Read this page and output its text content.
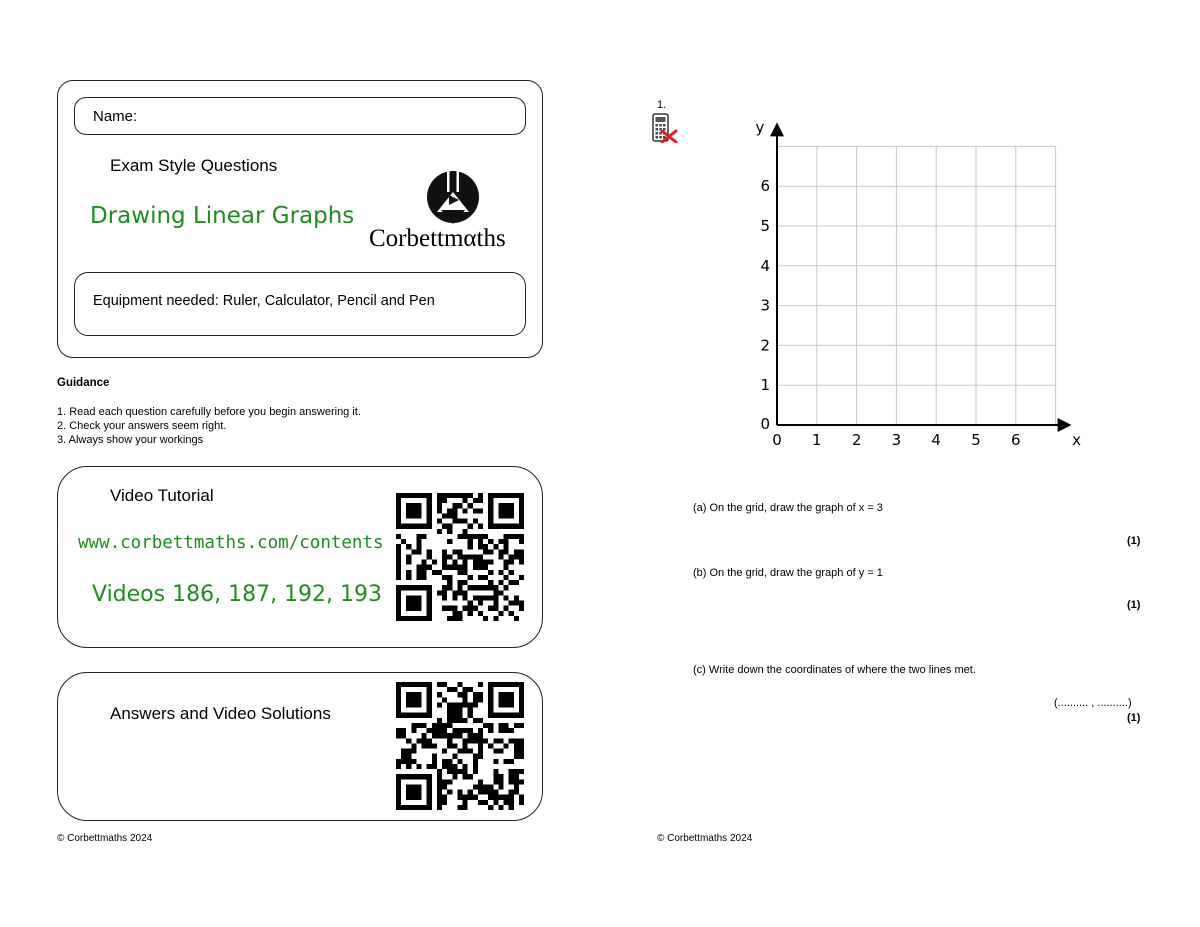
Name:
Exam Style Questions
Drawing Linear Graphs
Corbettmαths
Equipment needed: Ruler, Calculator, Pencil and Pen
Guidance
1. Read each question carefully before you begin answering it.
2. Check your answers seem right.
3. Always show your workings
Video Tutorial
www.corbettmaths.com/contents
Videos 186, 187, 192, 193
Answers and Video Solutions
© Corbettmaths 2024
1.
0 1 2 3 4 5 6
0
1
2
3
4
5
6
x
y
(a) On the grid, draw the graph of x = 3
(1)
(b) On the grid, draw the graph of y = 1
(1)
(c) Write down the coordinates of where the two lines met.
(.......... , ..........)
(1)
© Corbettmaths 2024
